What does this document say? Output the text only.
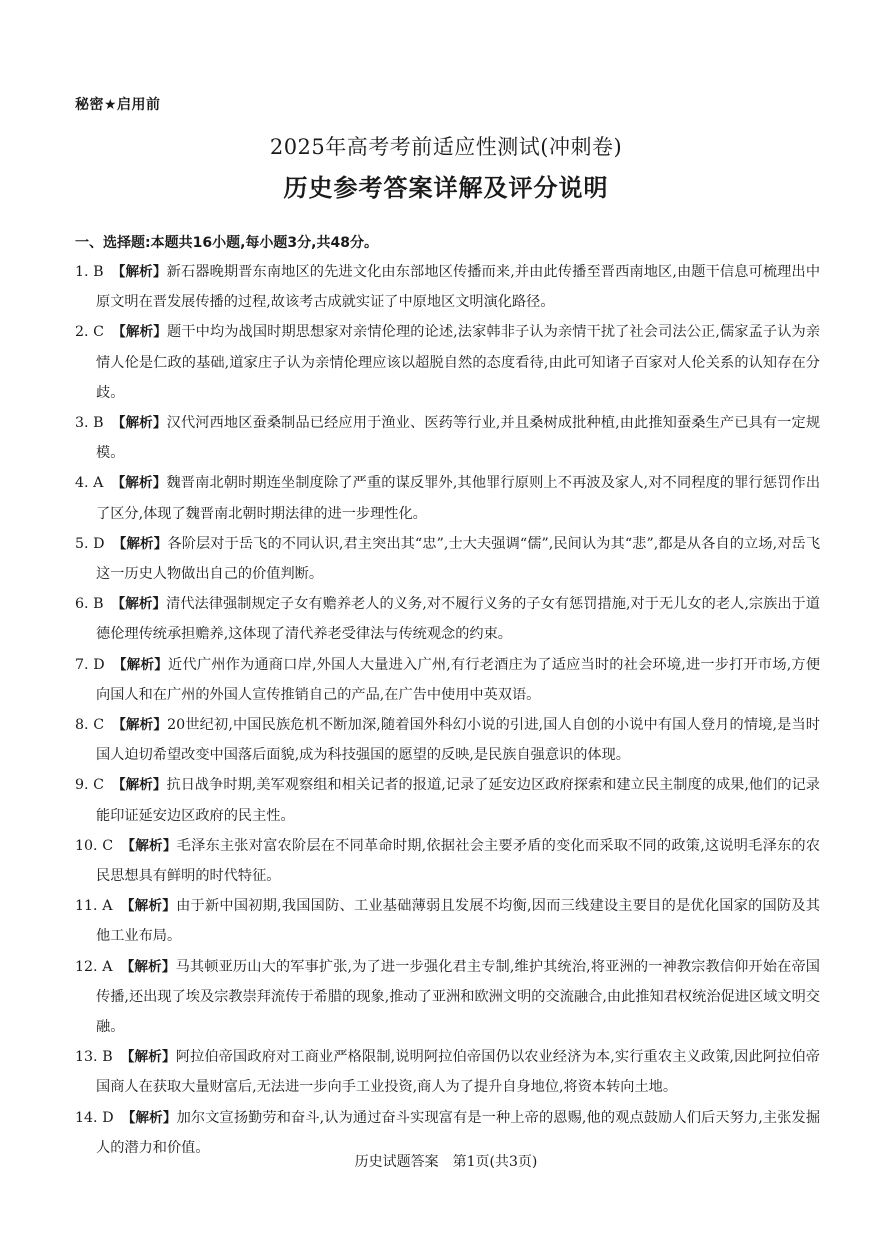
秘密★启用前
2025年高考考前适应性测试(冲刺卷)
历史参考答案详解及评分说明
一、选择题:本题共16小题,每小题3分,共48分。
1. B 【解析】新石器晚期晋东南地区的先进文化由东部地区传播而来,并由此传播至晋西南地区,由题干信息可梳理出中原文明在晋发展传播的过程,故该考古成就实证了中原地区文明演化路径。
2. C 【解析】题干中均为战国时期思想家对亲情伦理的论述,法家韩非子认为亲情干扰了社会司法公正,儒家孟子认为亲情人伦是仁政的基础,道家庄子认为亲情伦理应该以超脱自然的态度看待,由此可知诸子百家对人伦关系的认知存在分歧。
3. B 【解析】汉代河西地区蚕桑制品已经应用于渔业、医药等行业,并且桑树成批种植,由此推知蚕桑生产已具有一定规模。
4. A 【解析】魏晋南北朝时期连坐制度除了严重的谋反罪外,其他罪行原则上不再波及家人,对不同程度的罪行惩罚作出了区分,体现了魏晋南北朝时期法律的进一步理性化。
5. D 【解析】各阶层对于岳飞的不同认识,君主突出其“忠”,士大夫强调“儒”,民间认为其“悲”,都是从各自的立场,对岳飞这一历史人物做出自己的价值判断。
6. B 【解析】清代法律强制规定子女有赡养老人的义务,对不履行义务的子女有惩罚措施,对于无儿女的老人,宗族出于道德伦理传统承担赡养,这体现了清代养老受律法与传统观念的约束。
7. D 【解析】近代广州作为通商口岸,外国人大量进入广州,有行老酒庄为了适应当时的社会环境,进一步打开市场,方便向国人和在广州的外国人宣传推销自己的产品,在广告中使用中英双语。
8. C 【解析】20世纪初,中国民族危机不断加深,随着国外科幻小说的引进,国人自创的小说中有国人登月的情境,是当时国人迫切希望改变中国落后面貌,成为科技强国的愿望的反映,是民族自强意识的体现。
9. C 【解析】抗日战争时期,美军观察组和相关记者的报道,记录了延安边区政府探索和建立民主制度的成果,他们的记录能印证延安边区政府的民主性。
10. C 【解析】毛泽东主张对富农阶层在不同革命时期,依据社会主要矛盾的变化而采取不同的政策,这说明毛泽东的农民思想具有鲜明的时代特征。
11. A 【解析】由于新中国初期,我国国防、工业基础薄弱且发展不均衡,因而三线建设主要目的是优化国家的国防及其他工业布局。
12. A 【解析】马其顿亚历山大的军事扩张,为了进一步强化君主专制,维护其统治,将亚洲的一神教宗教信仰开始在帝国传播,还出现了埃及宗教崇拜流传于希腊的现象,推动了亚洲和欧洲文明的交流融合,由此推知君权统治促进区域文明交融。
13. B 【解析】阿拉伯帝国政府对工商业严格限制,说明阿拉伯帝国仍以农业经济为本,实行重农主义政策,因此阿拉伯帝国商人在获取大量财富后,无法进一步向手工业投资,商人为了提升自身地位,将资本转向土地。
14. D 【解析】加尔文宣扬勤劳和奋斗,认为通过奋斗实现富有是一种上帝的恩赐,他的观点鼓励人们后天努力,主张发掘人的潜力和价值。
历史试题答案　第1页(共3页)
